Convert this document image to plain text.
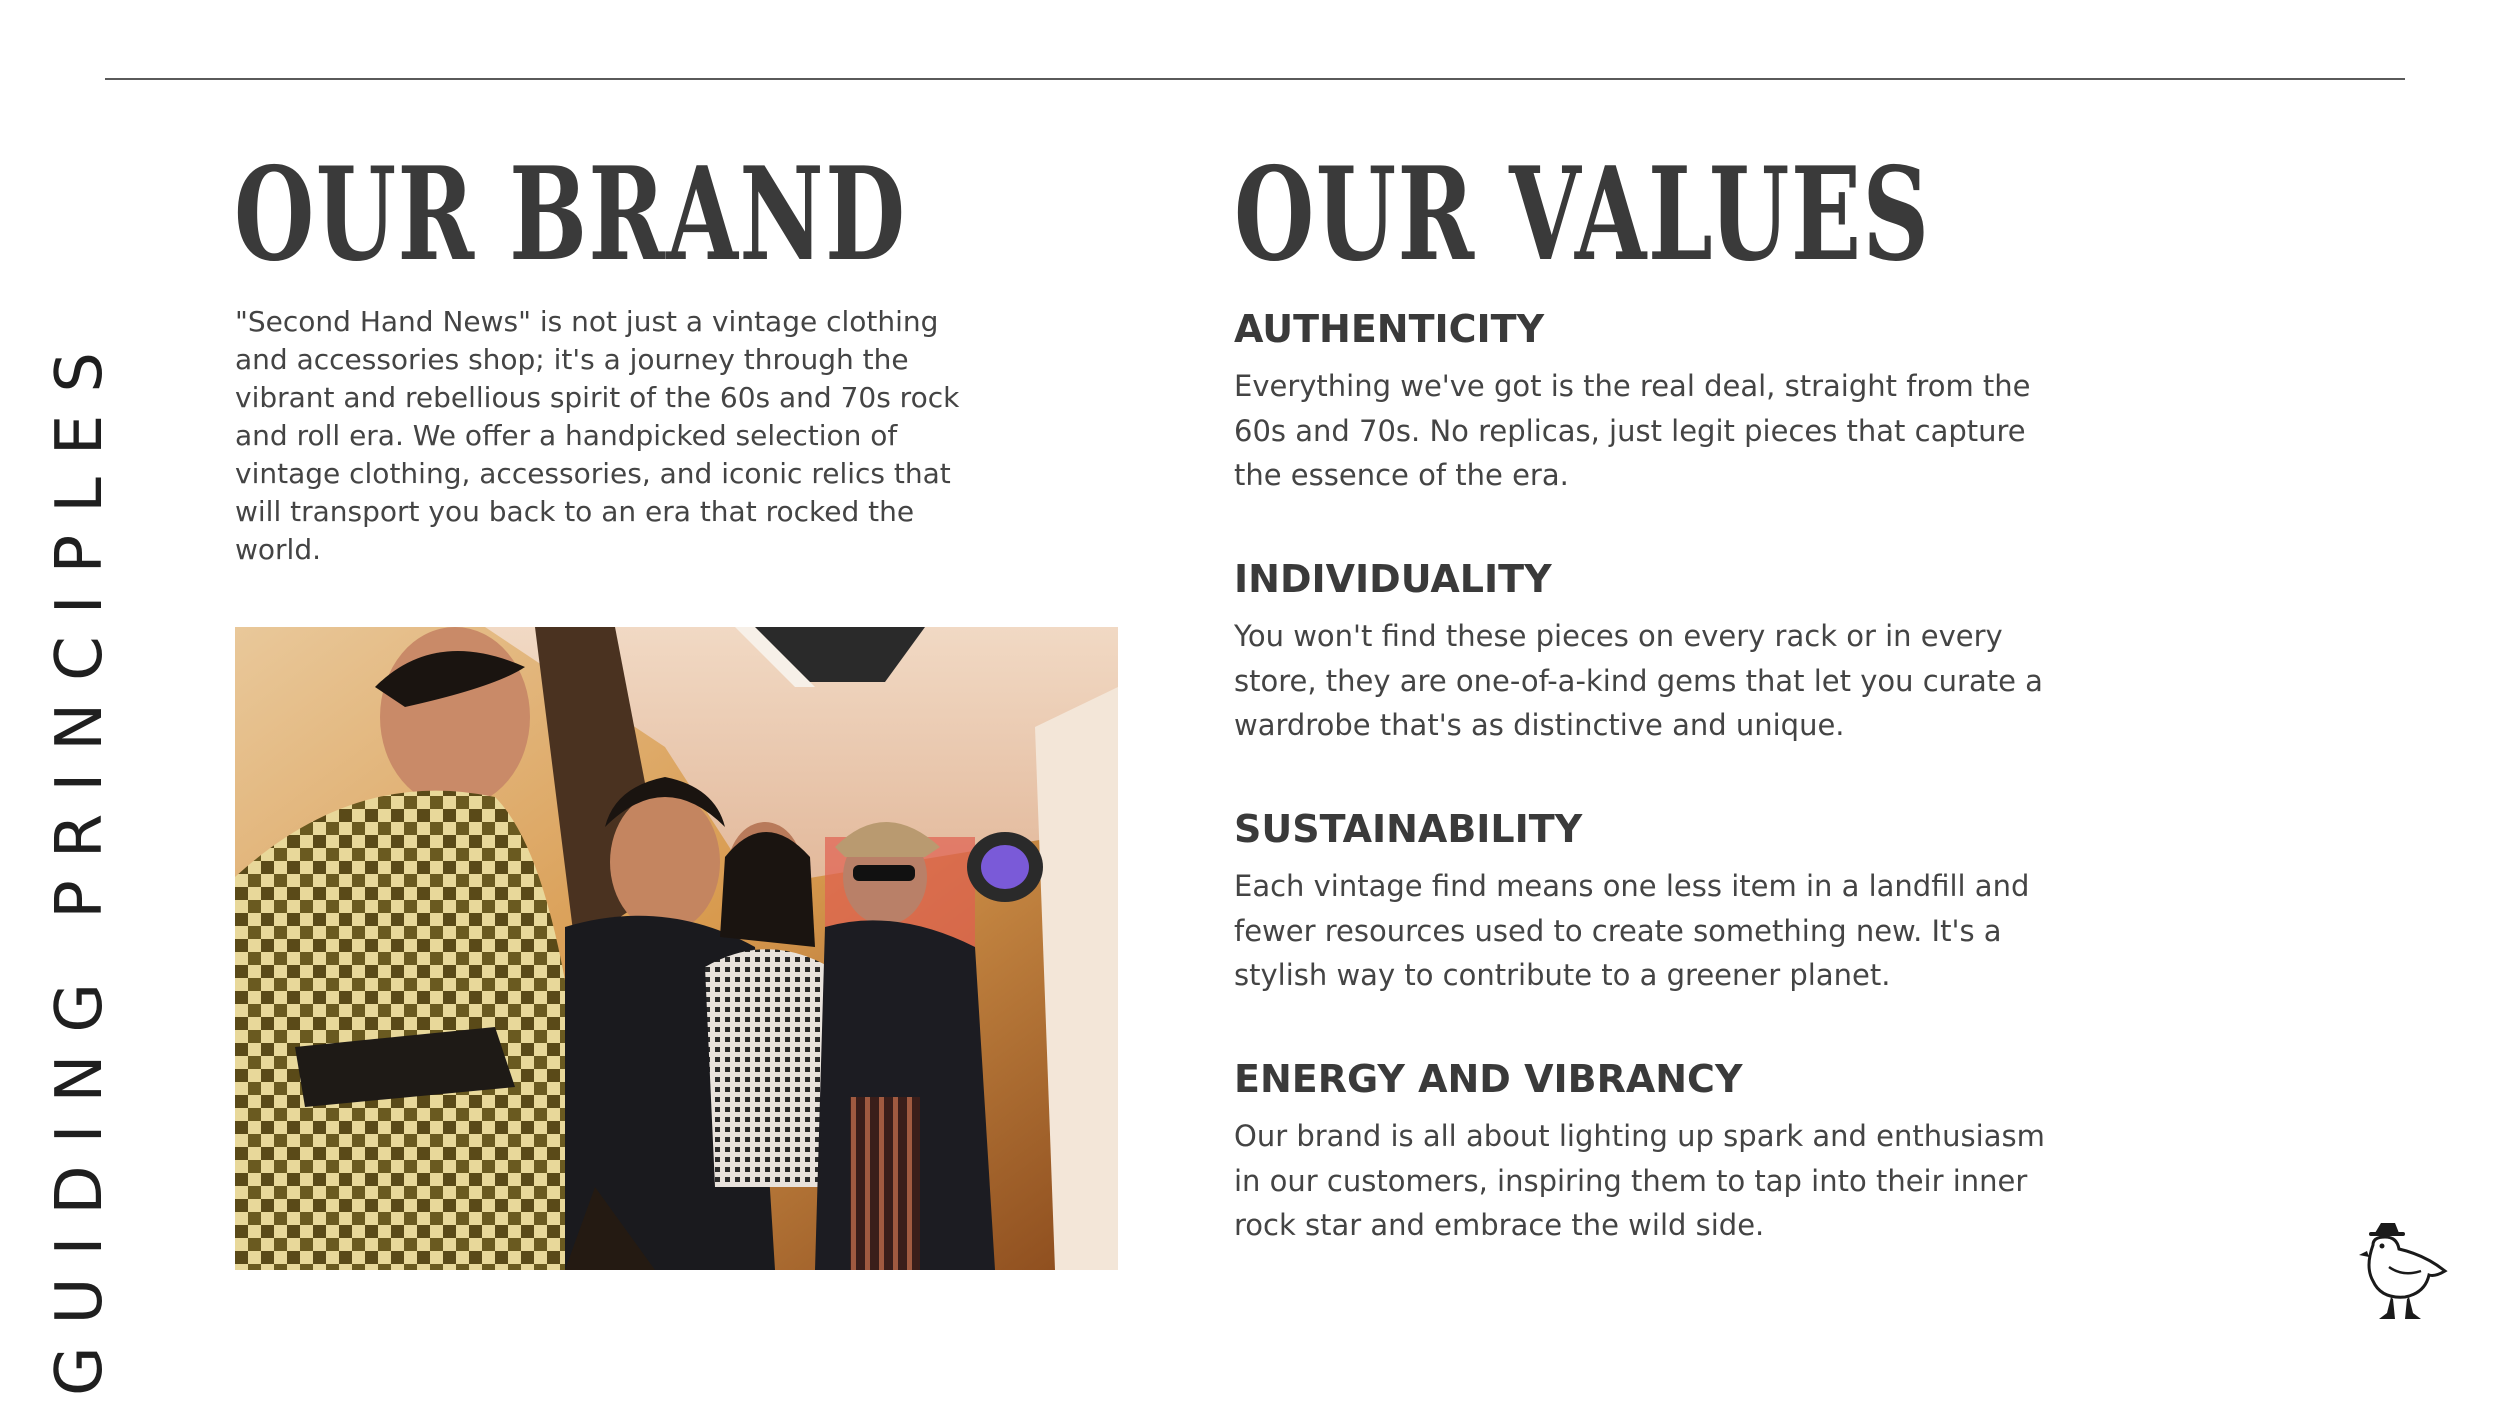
GUIDING PRINCIPLES
OUR BRAND

"Second Hand News" is not just a vintage clothing and accessories shop; it's a journey through the vibrant and rebellious spirit of the 60s and 70s rock and roll era. We offer a handpicked selection of vintage clothing, accessories, and iconic relics that will transport you back to an era that rocked the world.

OUR VALUES
AUTHENTICITY

Everything we've got is the real deal, straight from the 60s and 70s. No replicas, just legit pieces that capture the essence of the era.

INDIVIDUALITY

You won't find these pieces on every rack or in every store, they are one-of-a-kind gems that let you curate a wardrobe that's as distinctive and unique.

SUSTAINABILITY

Each vintage find means one less item in a landfill and fewer resources used to create something new. It's a stylish way to contribute to a greener planet.

ENERGY AND VIBRANCY

Our brand is all about lighting up spark and enthusiasm in our customers, inspiring them to tap into their inner rock star and embrace the wild side.
